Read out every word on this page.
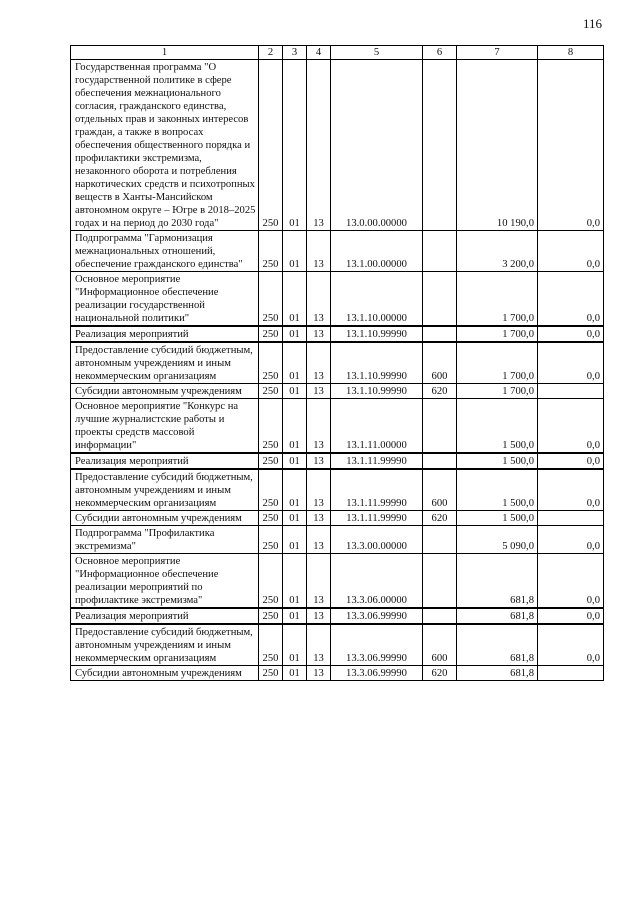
116
1	2	3	4	5	6	7	8

Государственная программа "О государственной политике в сфере обеспечения межнационального согласия, гражданского единства, отдельных прав и законных интересов граждан, а также в вопросах обеспечения общественного порядка и профилактики экстремизма, незаконного оборота и потребления наркотических средств и психотропных веществ в Ханты-Мансийском автономном округе – Югре в 2018–2025 годах и на период до 2030 года"	250	01	13	13.0.00.00000		10 190,0	0,0

Подпрограмма "Гармонизация межнациональных отношений, обеспечение гражданского единства"	250	01	13	13.1.00.00000		3 200,0	0,0

Основное мероприятие "Информационное обеспечение реализации государственной национальной политики"	250	01	13	13.1.10.00000		1 700,0	0,0

Реализация мероприятий	250	01	13	13.1.10.99990		1 700,0	0,0

Предоставление субсидий бюджетным, автономным учреждениям и иным некоммерческим организациям	250	01	13	13.1.10.99990	600	1 700,0	0,0

Субсидии автономным учреждениям	250	01	13	13.1.10.99990	620	1 700,0	

Основное мероприятие "Конкурс на лучшие журналистские работы и проекты средств массовой информации"	250	01	13	13.1.11.00000		1 500,0	0,0

Реализация мероприятий	250	01	13	13.1.11.99990		1 500,0	0,0

Предоставление субсидий бюджетным, автономным учреждениям и иным некоммерческим организациям	250	01	13	13.1.11.99990	600	1 500,0	0,0

Субсидии автономным учреждениям	250	01	13	13.1.11.99990	620	1 500,0	

Подпрограмма "Профилактика экстремизма"	250	01	13	13.3.00.00000		5 090,0	0,0

Основное мероприятие "Информационное обеспечение реализации мероприятий по профилактике экстремизма"	250	01	13	13.3.06.00000		681,8	0,0

Реализация мероприятий	250	01	13	13.3.06.99990		681,8	0,0

Предоставление субсидий бюджетным, автономным учреждениям и иным некоммерческим организациям	250	01	13	13.3.06.99990	600	681,8	0,0

Субсидии автономным учреждениям	250	01	13	13.3.06.99990	620	681,8	
